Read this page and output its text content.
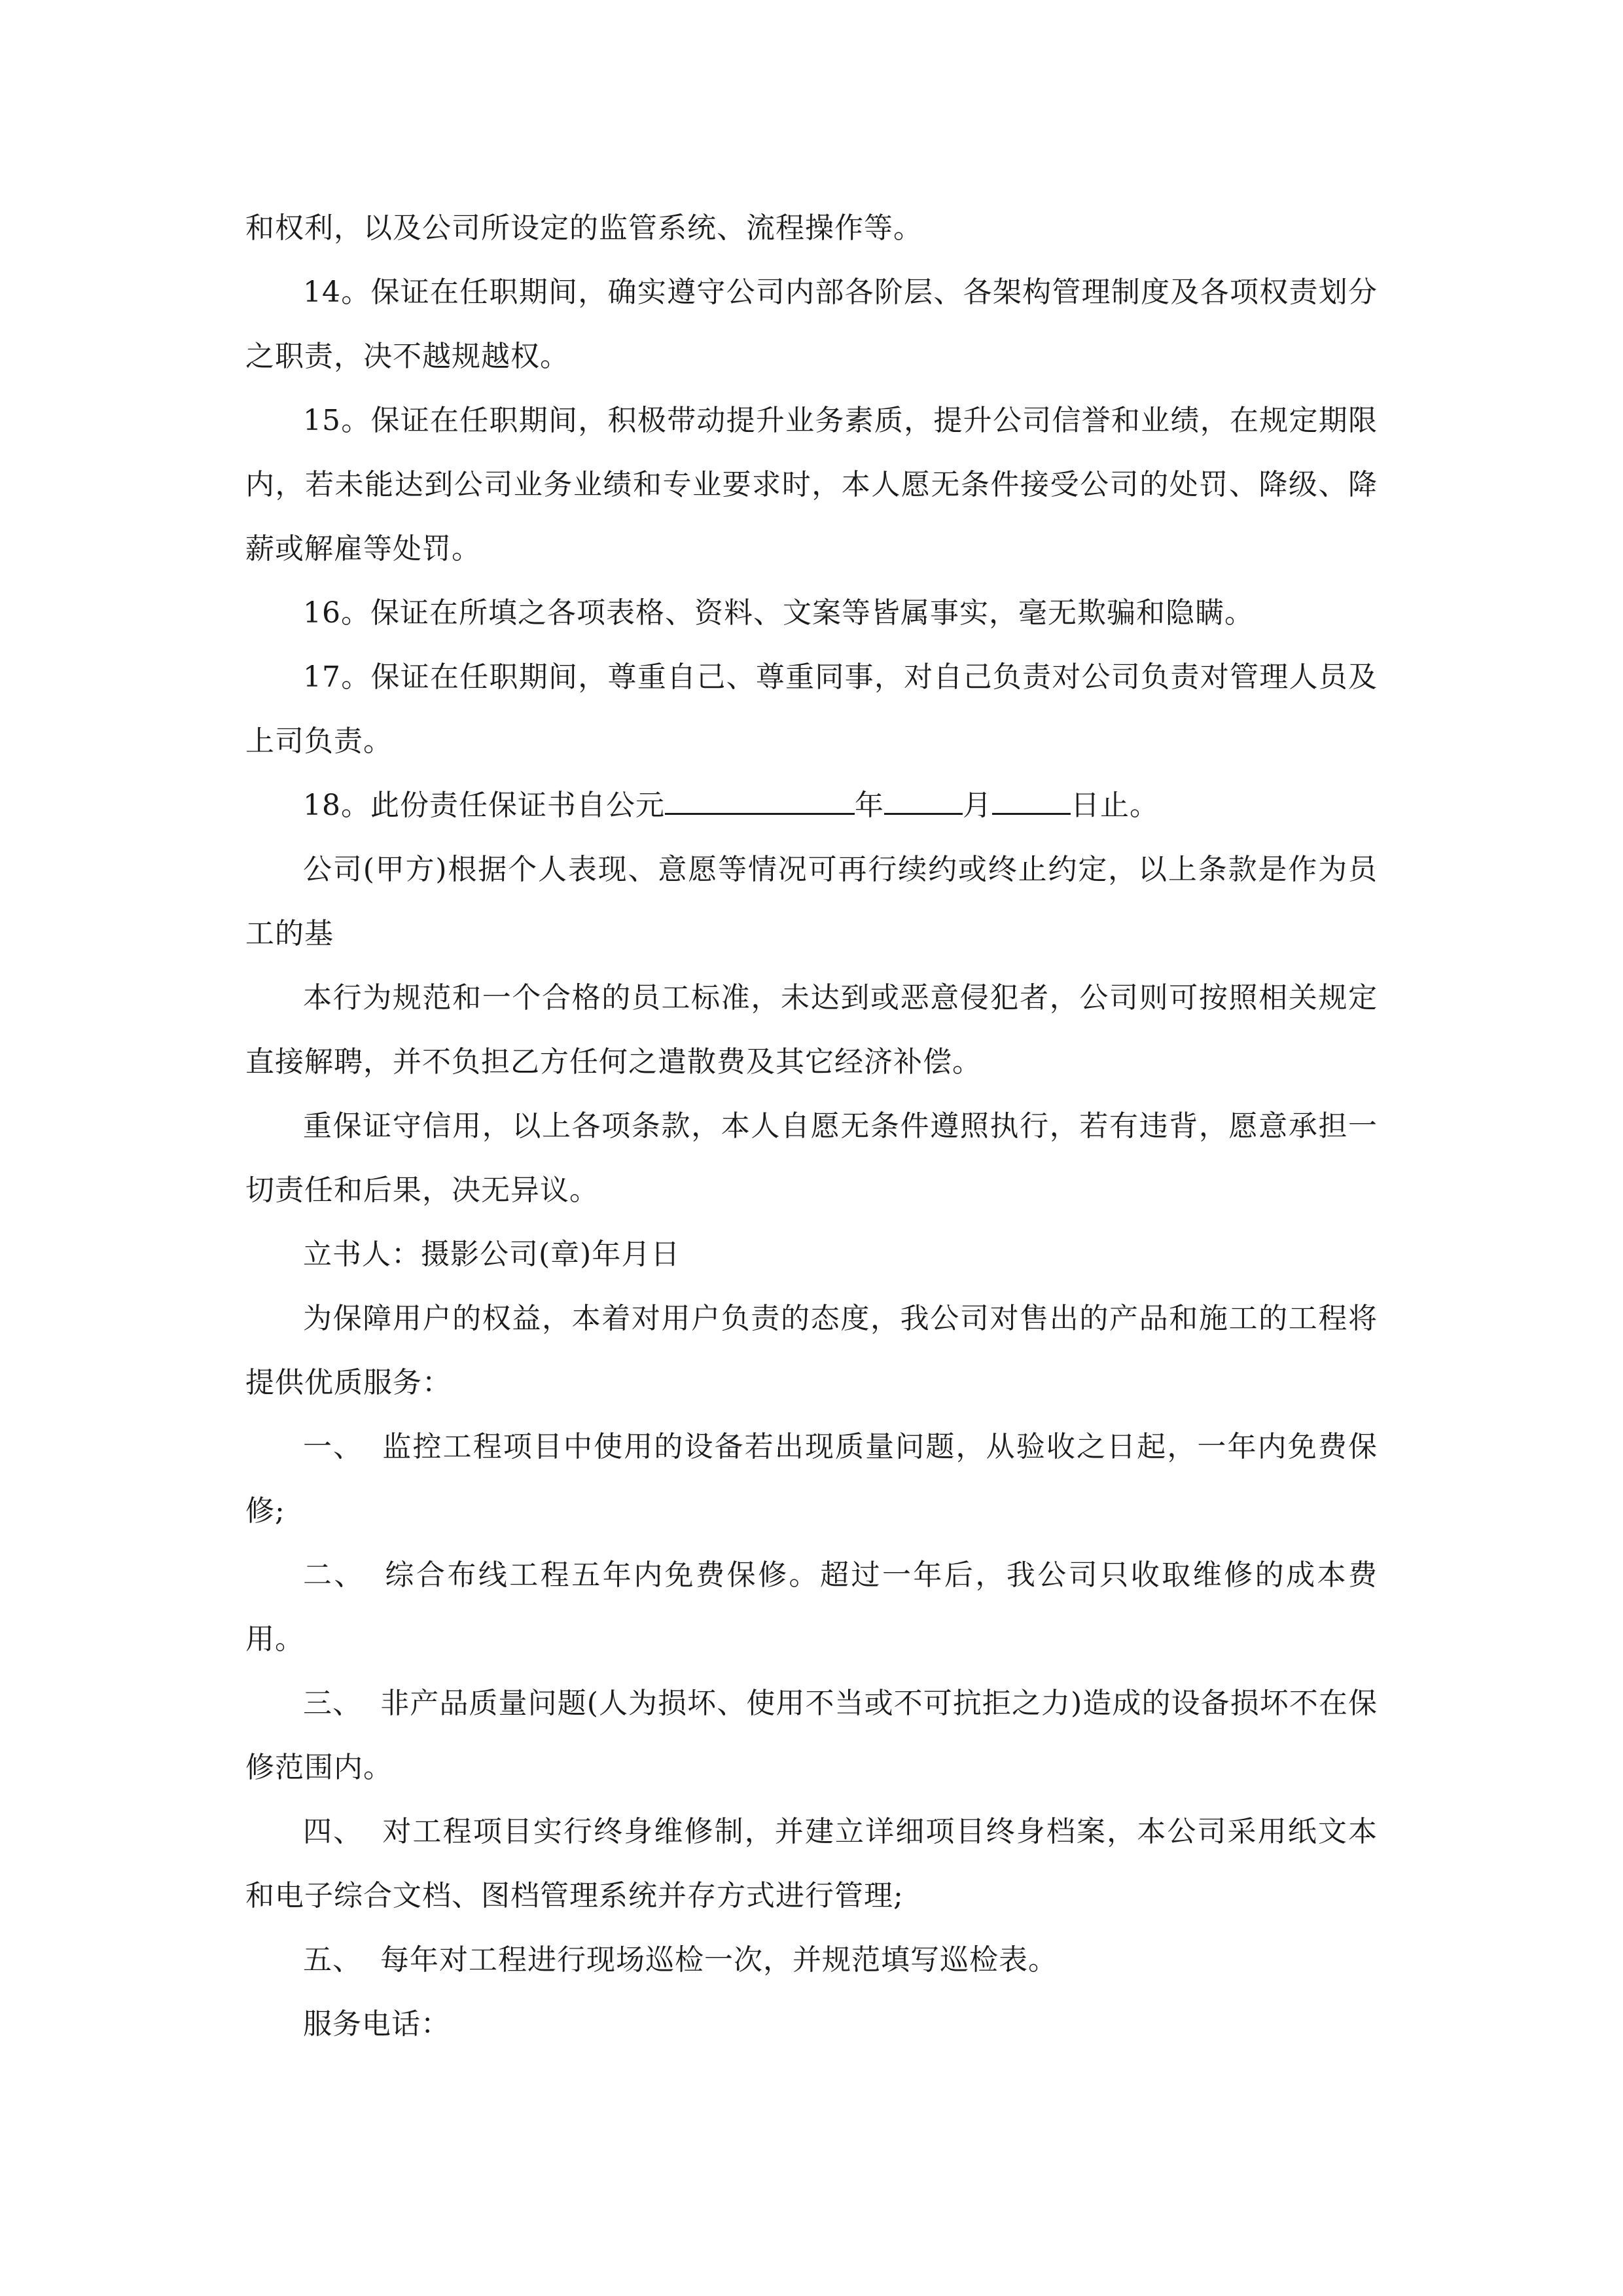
和权利，以及公司所设定的监管系统、流程操作等。

14。保证在任职期间，确实遵守公司内部各阶层、各架构管理制度及各项权责划分之职责，决不越规越权。

15。保证在任职期间，积极带动提升业务素质，提升公司信誉和业绩，在规定期限内，若未能达到公司业务业绩和专业要求时，本人愿无条件接受公司的处罚、降级、降薪或解雇等处罚。

16。保证在所填之各项表格、资料、文案等皆属事实，毫无欺骗和隐瞒。

17。保证在任职期间，尊重自己、尊重同事，对自己负责对公司负责对管理人员及上司负责。

18。此份责任保证书自公元	年	月	日止。

公司(甲方)根据个人表现、意愿等情况可再行续约或终止约定，以上条款是作为员工的基

本行为规范和一个合格的员工标准，未达到或恶意侵犯者，公司则可按照相关规定直接解聘，并不负担乙方任何之遣散费及其它经济补偿。

重保证守信用，以上各项条款，本人自愿无条件遵照执行，若有违背，愿意承担一切责任和后果，决无异议。

立书人：摄影公司(章)年月日

为保障用户的权益，本着对用户负责的态度，我公司对售出的产品和施工的工程将提供优质服务：

一、 监控工程项目中使用的设备若出现质量问题，从验收之日起，一年内免费保修;

二、 综合布线工程五年内免费保修。超过一年后，我公司只收取维修的成本费用。

三、 非产品质量问题(人为损坏、使用不当或不可抗拒之力)造成的设备损坏不在保修范围内。

四、 对工程项目实行终身维修制，并建立详细项目终身档案，本公司采用纸文本和电子综合文档、图档管理系统并存方式进行管理;

五、 每年对工程进行现场巡检一次，并规范填写巡检表。

服务电话：
